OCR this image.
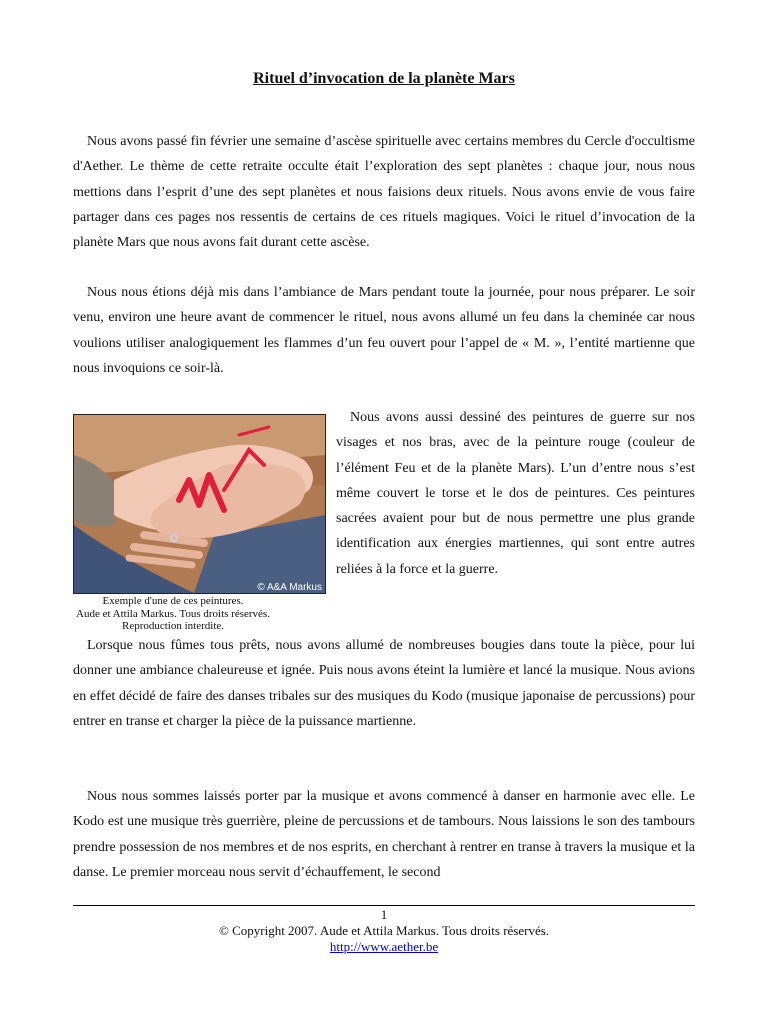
Rituel d’invocation de la planète Mars

Nous avons passé fin février une semaine d’ascèse spirituelle avec certains membres du Cercle d'occultisme d'Aether. Le thème de cette retraite occulte était l’exploration des sept planètes : chaque jour, nous nous mettions dans l’esprit d’une des sept planètes et nous faisions deux rituels. Nous avons envie de vous faire partager dans ces pages nos ressentis de certains de ces rituels magiques. Voici le rituel d’invocation de la planète Mars que nous avons fait durant cette ascèse.

Nous nous étions déjà mis dans l’ambiance de Mars pendant toute la journée, pour nous préparer. Le soir venu, environ une heure avant de commencer le rituel, nous avons allumé un feu dans la cheminée car nous voulions utiliser analogiquement les flammes d’un feu ouvert pour l’appel de « M. », l’entité martienne que nous invoquions ce soir-là.

© A&A Markus
Exemple d'une de ces peintures.
Aude et Attila Markus. Tous droits réservés.
Reproduction interdite.

Nous avons aussi dessiné des peintures de guerre sur nos visages et nos bras, avec de la peinture rouge (couleur de l’élément Feu et de la planète Mars). L’un d’entre nous s’est même couvert le torse et le dos de peintures. Ces peintures sacrées avaient pour but de nous permettre une plus grande identification aux énergies martiennes, qui sont entre autres reliées à la force et la guerre.

Lorsque nous fûmes tous prêts, nous avons allumé de nombreuses bougies dans toute la pièce, pour lui donner une ambiance chaleureuse et ignée. Puis nous avons éteint la lumière et lancé la musique. Nous avions en effet décidé de faire des danses tribales sur des musiques du Kodo (musique japonaise de percussions) pour entrer en transe et charger la pièce de la puissance martienne.

Nous nous sommes laissés porter par la musique et avons commencé à danser en harmonie avec elle. Le Kodo est une musique très guerrière, pleine de percussions et de tambours. Nous laissions le son des tambours prendre possession de nos membres et de nos esprits, en cherchant à rentrer en transe à travers la musique et la danse. Le premier morceau nous servit d’échauffement, le second

1
© Copyright 2007. Aude et Attila Markus. Tous droits réservés.
http://www.aether.be
